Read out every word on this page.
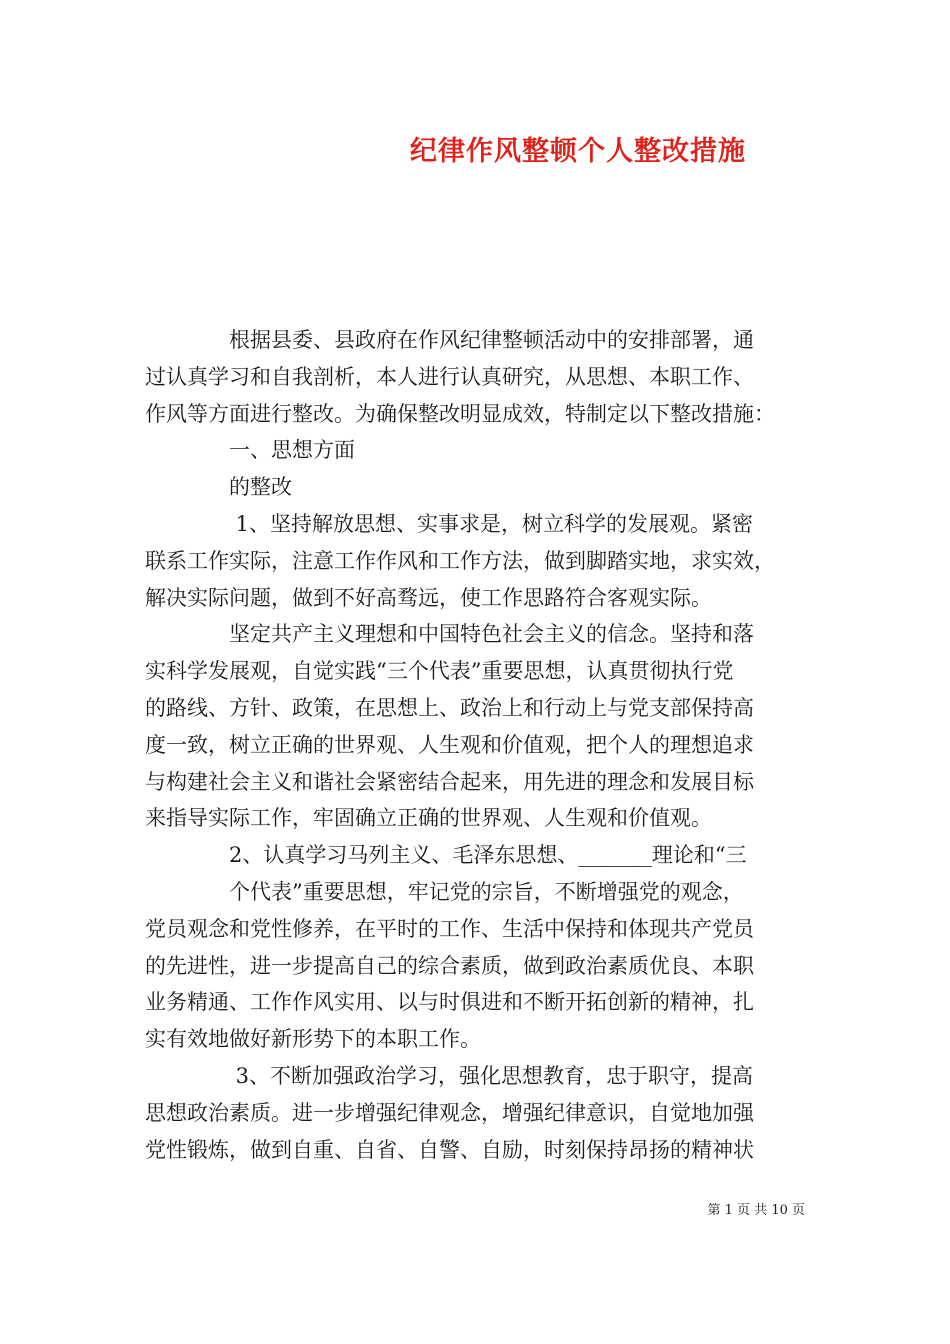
纪律作风整顿个人整改措施

　　　　根据县委、县政府在作风纪律整顿活动中的安排部署，通

过认真学习和自我剖析，本人进行认真研究，从思想、本职工作、

作风等方面进行整改。为确保整改明显成效，特制定以下整改措施：

　　　　一、思想方面

　　　　的整改

　　　　 1、坚持解放思想、实事求是，树立科学的发展观。紧密

联系工作实际，注意工作作风和工作方法，做到脚踏实地，求实效，

解决实际问题，做到不好高骛远，使工作思路符合客观实际。

　　　　坚定共产主义理想和中国特色社会主义的信念。坚持和落

实科学发展观，自觉实践“三个代表”重要思想，认真贯彻执行党

的路线、方针、政策，在思想上、政治上和行动上与党支部保持高

度一致，树立正确的世界观、人生观和价值观，把个人的理想追求

与构建社会主义和谐社会紧密结合起来，用先进的理念和发展目标

来指导实际工作，牢固确立正确的世界观、人生观和价值观。

　　　　2、认真学习马列主义、毛泽东思想、_______理论和“三

　　　　个代表”重要思想，牢记党的宗旨，不断增强党的观念，

党员观念和党性修养，在平时的工作、生活中保持和体现共产党员

的先进性，进一步提高自己的综合素质，做到政治素质优良、本职

业务精通、工作作风实用、以与时俱进和不断开拓创新的精神，扎

实有效地做好新形势下的本职工作。

　　　　 3、不断加强政治学习，强化思想教育，忠于职守，提高

思想政治素质。进一步增强纪律观念，增强纪律意识，自觉地加强

党性锻炼，做到自重、自省、自警、自励，时刻保持昂扬的精神状

第 1 页 共 10 页
